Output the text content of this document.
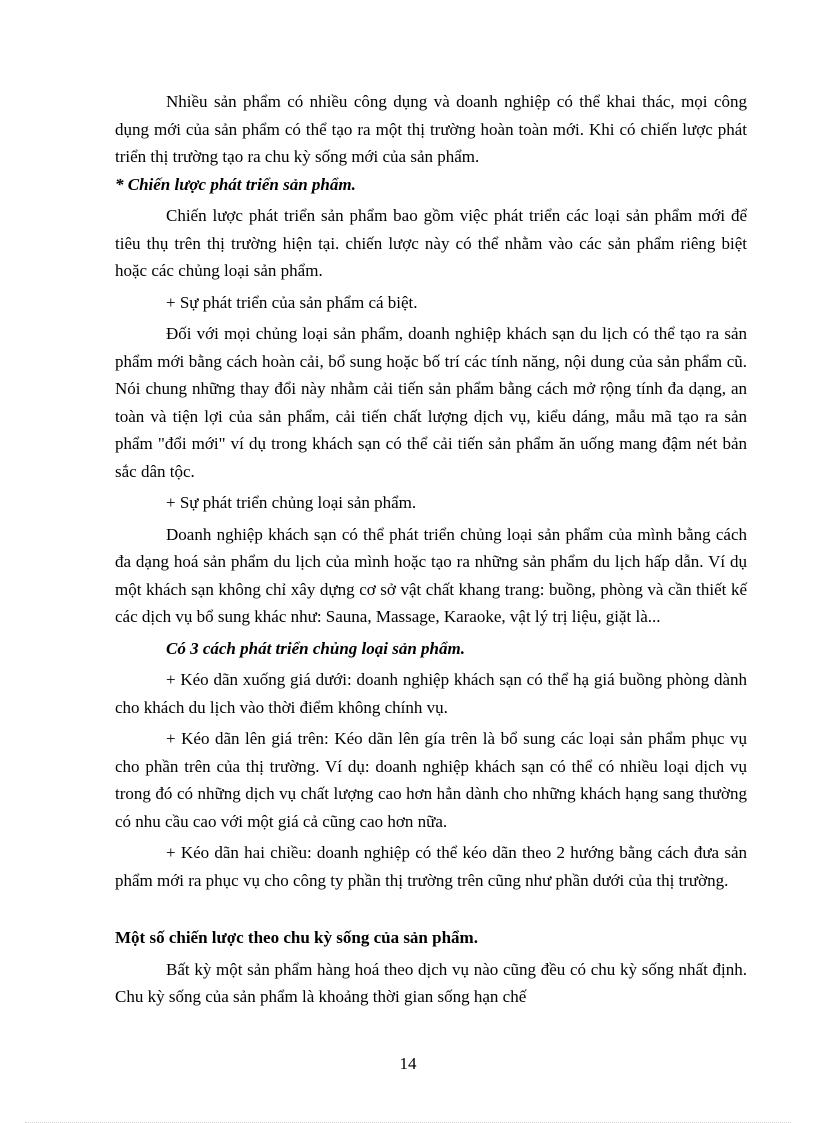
Nhiều sản phẩm có nhiều công dụng và doanh nghiệp có thể khai thác, mọi công dụng mới của sản phẩm có thể tạo ra một thị trường hoàn toàn mới. Khi có chiến lược phát triển thị trường tạo ra chu kỳ sống mới của sản phẩm.

* Chiến lược phát triển sản phẩm.

Chiến lược phát triển sản phẩm bao gồm việc phát triển các loại sản phẩm mới để tiêu thụ trên thị trường hiện tại. chiến lược này có thể nhằm vào các sản phẩm riêng biệt hoặc các chủng loại sản phẩm.

+ Sự phát triển của sản phẩm cá biệt.

Đối với mọi chủng loại sản phẩm, doanh nghiệp khách sạn du lịch có thể tạo ra sản phẩm mới bằng cách hoàn cải, bổ sung hoặc bố trí các tính năng, nội dung của sản phẩm cũ. Nói chung những thay đổi này nhằm cải tiến sản phẩm bằng cách mở rộng tính đa dạng, an toàn và tiện lợi của sản phẩm, cải tiến chất lượng dịch vụ, kiểu dáng, mẫu mã tạo ra sản phẩm "đổi mới" ví dụ trong khách sạn có thể cải tiến sản phẩm ăn uống mang đậm nét bản sắc dân tộc.

+ Sự phát triển chủng loại sản phẩm.

Doanh nghiệp khách sạn có thể phát triển chủng loại sản phẩm của mình bằng cách đa dạng hoá sản phẩm du lịch của mình hoặc tạo ra những sản phẩm du lịch hấp dẫn. Ví dụ một khách sạn không chỉ xây dựng cơ sở vật chất khang trang: buồng, phòng và cần thiết kế các dịch vụ bổ sung khác như: Sauna, Massage, Karaoke, vật lý trị liệu, giặt là...

Có 3 cách phát triển chủng loại sản phẩm.

+ Kéo dãn xuống giá dưới: doanh nghiệp khách sạn có thể hạ giá buồng phòng dành cho khách du lịch vào thời điểm không chính vụ.

+ Kéo dãn lên giá trên: Kéo dãn lên gía trên là bổ sung các loại sản phẩm phục vụ cho phần trên của thị trường. Ví dụ: doanh nghiệp khách sạn có thể có nhiều loại dịch vụ trong đó có những dịch vụ chất lượng cao hơn hẳn dành cho những khách hạng sang thường có nhu cầu cao với một giá cả cũng cao hơn nữa.

+ Kéo dãn hai chiều: doanh nghiệp có thể kéo dãn theo 2 hướng bằng cách đưa sản phẩm mới ra phục vụ cho công ty phần thị trường trên cũng như phần dưới của thị trường.

Một số chiến lược theo chu kỳ sống của sản phẩm.

Bất kỳ một sản phẩm hàng hoá theo dịch vụ nào cũng đều có chu kỳ sống nhất định. Chu kỳ sống của sản phẩm là khoảng thời gian sống hạn chế

14
